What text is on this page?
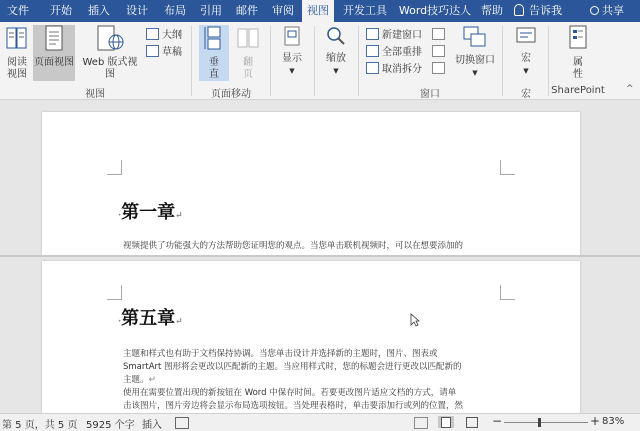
文件	开始	插入	设计	布局	引用	邮件	审阅	视图	开发工具	Word技巧达人 帮助	告诉我	共享
阅读视图
页面视图 Web 版式视图
大纲
草稿
视图
垂直
翻页
页面移动
显示
▼
缩放
▼
新建窗口
全部重排
取消拆分
切换窗口
▼
窗口
宏
▼
宏
属性
SharePoint ^
·第一章↵
视频提供了功能强大的方法帮助您证明您的观点。当您单击联机视频时，可以在想要添加的
·第五章↵
主题和样式也有助于文档保持协调。当您单击设计并选择新的主题时，图片、图表或
SmartArt 图形将会更改以匹配新的主题。当应用样式时，您的标题会进行更改以匹配新的
主题。↵
使用在需要位置出现的新按钮在 Word 中保存时间。若要更改图片适应文档的方式，请单
击该图片，图片旁边将会显示布局选项按钮。当处理表格时，单击要添加行或列的位置，然
第 5 页，共 5 页 5925 个字 插入	−	+ 83%
